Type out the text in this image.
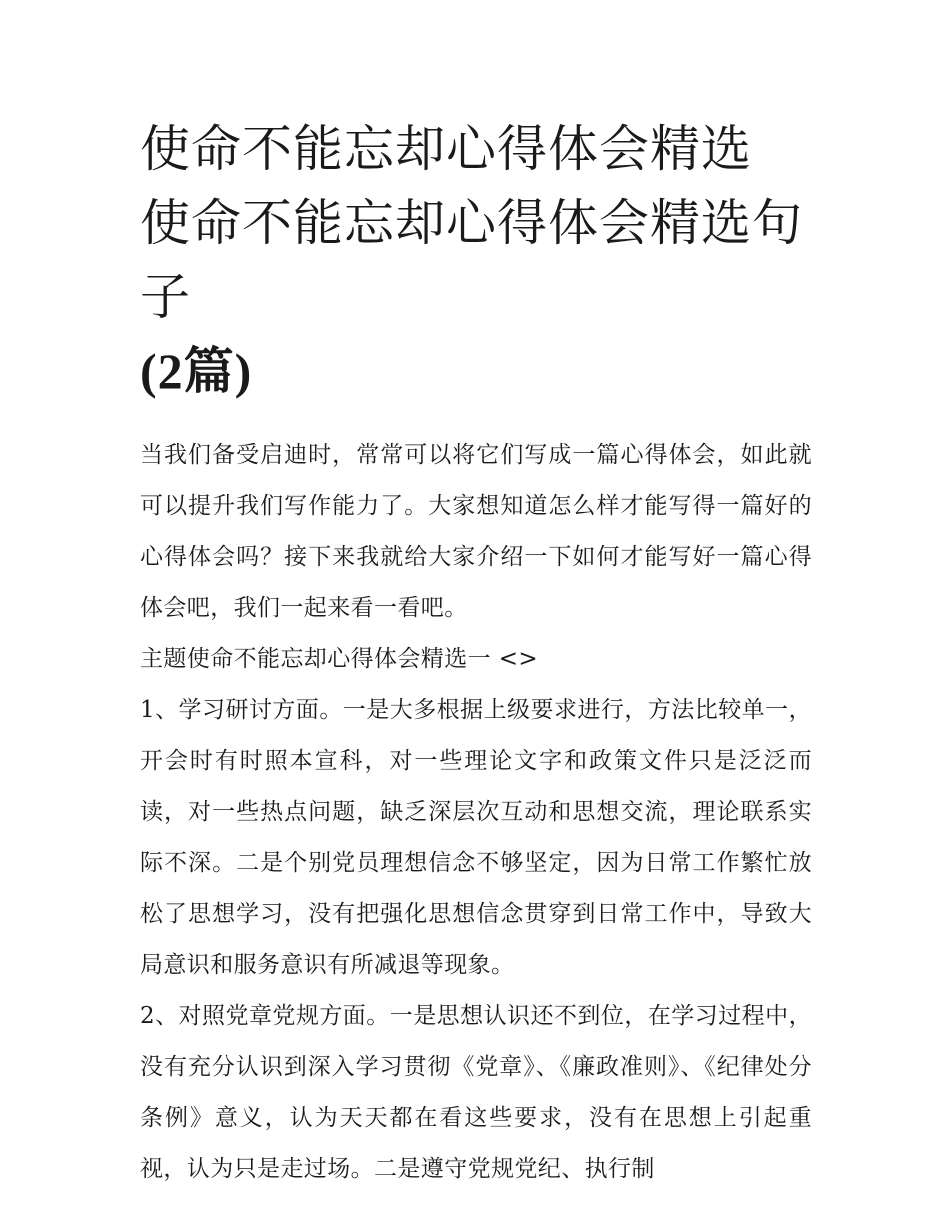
使命不能忘却心得体会精选 使命不能忘却心得体会精选句子
(2篇)

当我们备受启迪时，常常可以将它们写成一篇心得体会，如此就可以提升我们写作能力了。大家想知道怎么样才能写得一篇好的心得体会吗？接下来我就给大家介绍一下如何才能写好一篇心得体会吧，我们一起来看一看吧。

主题使命不能忘却心得体会精选一 <>

1、学习研讨方面。一是大多根据上级要求进行，方法比较单一，开会时有时照本宣科，对一些理论文字和政策文件只是泛泛而读，对一些热点问题，缺乏深层次互动和思想交流，理论联系实际不深。二是个别党员理想信念不够坚定，因为日常工作繁忙放松了思想学习，没有把强化思想信念贯穿到日常工作中，导致大局意识和服务意识有所减退等现象。

2、对照党章党规方面。一是思想认识还不到位，在学习过程中，没有充分认识到深入学习贯彻《党章》、《廉政准则》、《纪律处分条例》意义，认为天天都在看这些要求，没有在思想上引起重视，认为只是走过场。二是遵守党规党纪、执行制
